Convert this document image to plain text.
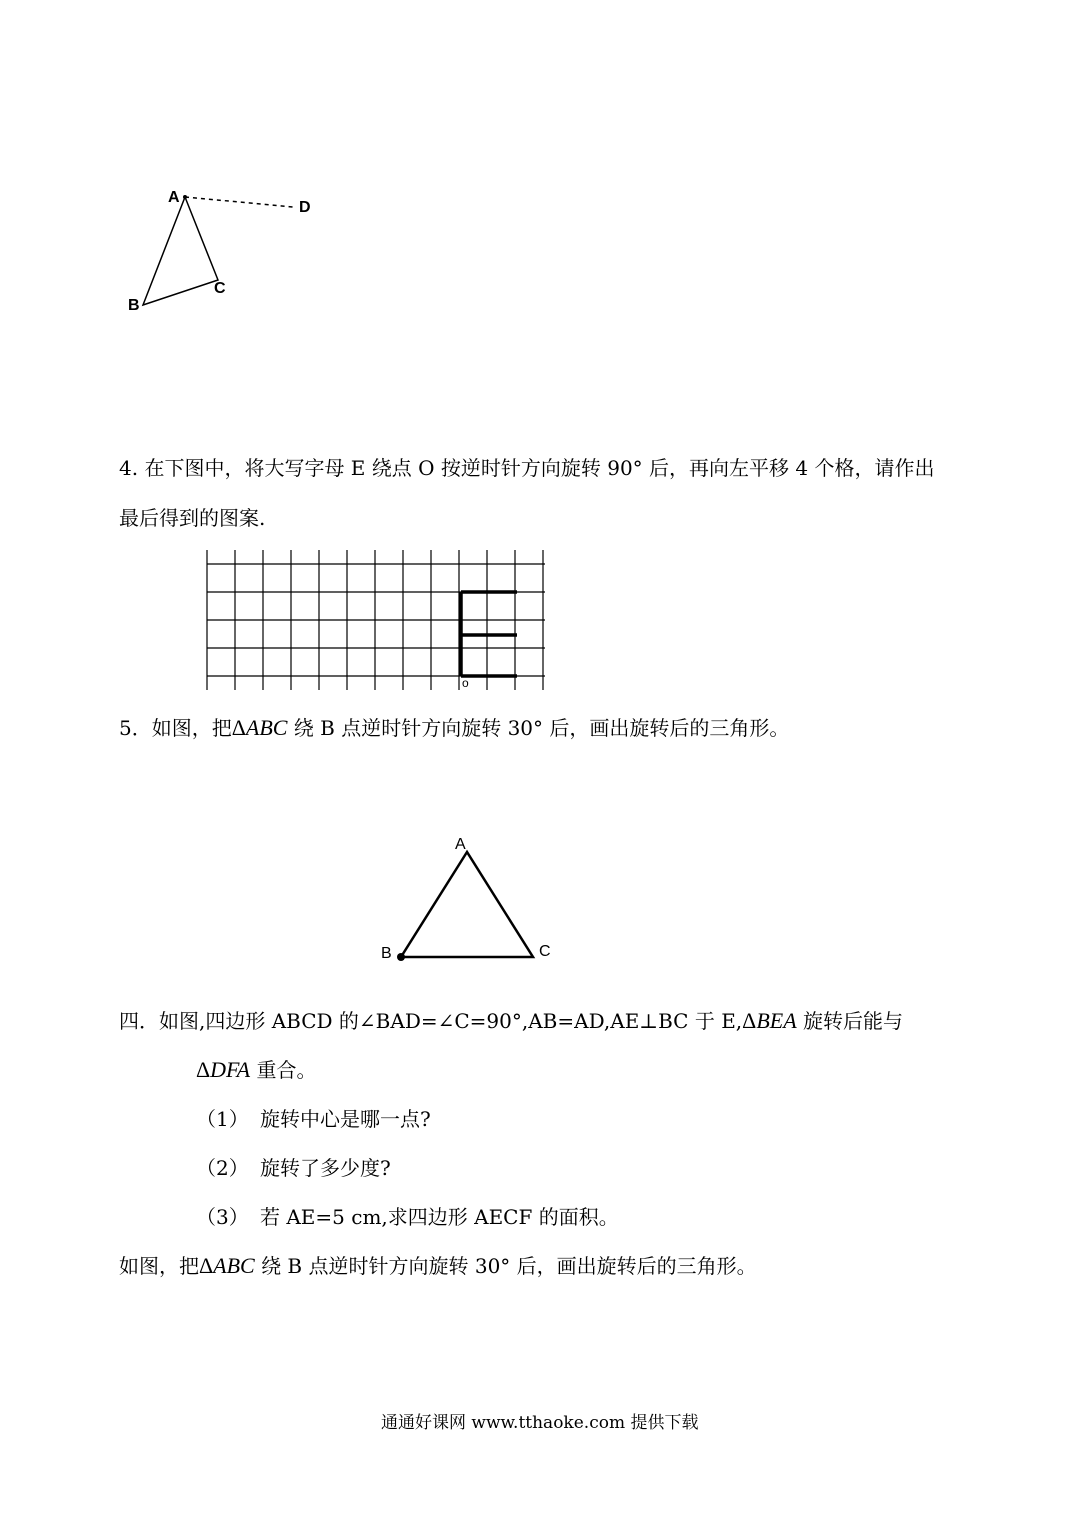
A
B
C
D
4. 在下图中，将大写字母 E 绕点 O 按逆时针方向旋转 90° 后，再向左平移 4 个格，请作出
最后得到的图案.
o
5．如图，把ΔABC 绕 B 点逆时针方向旋转 30° 后，画出旋转后的三角形。
A
B	C
四．如图,四边形 ABCD 的∠BAD=∠C=90°,AB=AD,AE⊥BC 于 E,ΔBEA 旋转后能与
ΔDFA 重合。
（1） 旋转中心是哪一点?
（2） 旋转了多少度?
（3） 若 AE=5 cm,求四边形 AECF 的面积。
如图，把ΔABC 绕 B 点逆时针方向旋转 30° 后，画出旋转后的三角形。
通通好课网 www.tthaoke.com 提供下载
